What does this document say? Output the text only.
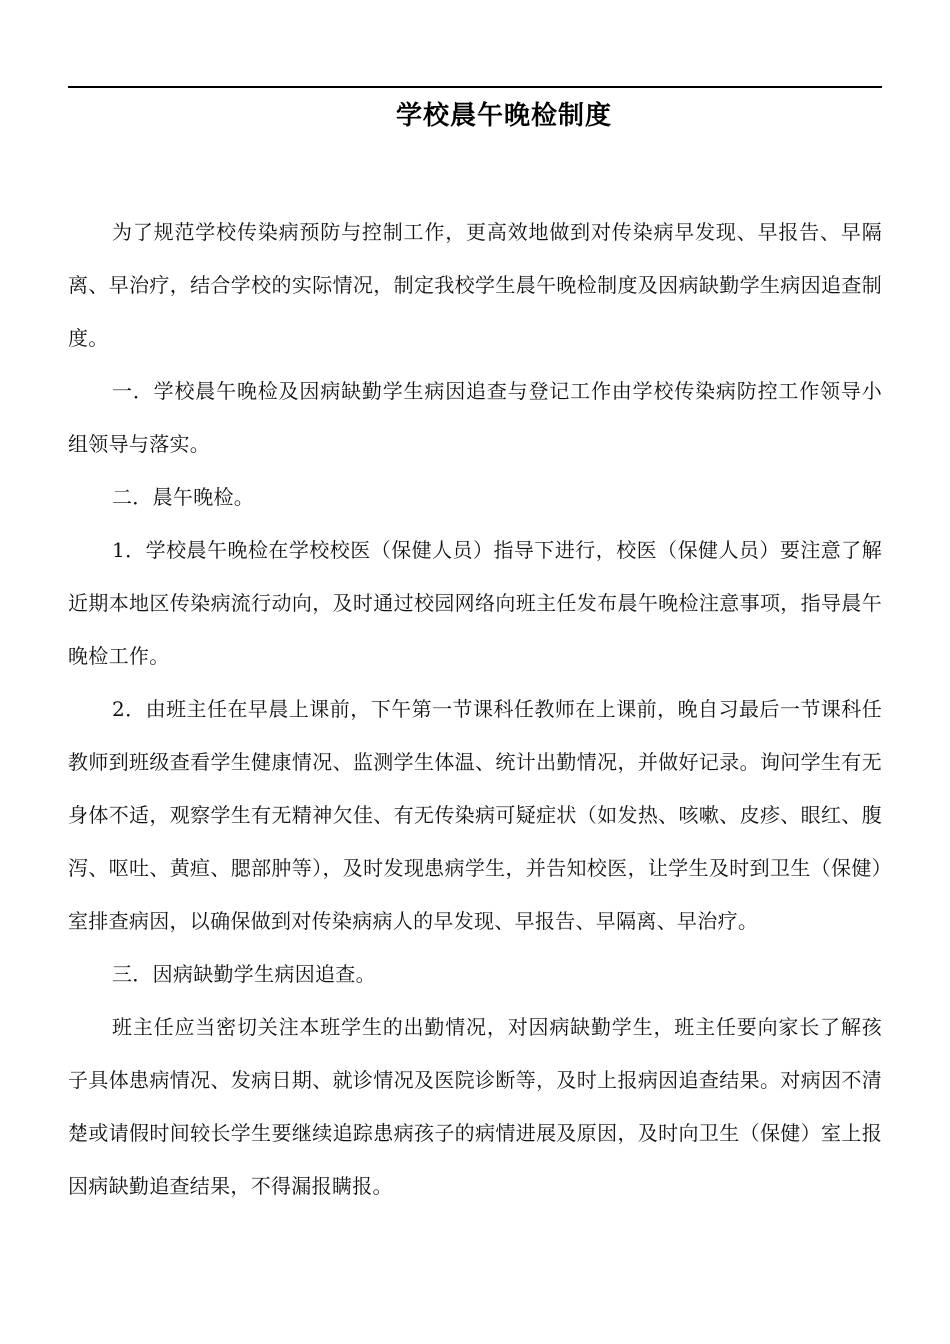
学校晨午晚检制度

为了规范学校传染病预防与控制工作，更高效地做到对传染病早发现、早报告、早隔离、早治疗，结合学校的实际情况，制定我校学生晨午晚检制度及因病缺勤学生病因追查制度。

一．学校晨午晚检及因病缺勤学生病因追查与登记工作由学校传染病防控工作领导小组领导与落实。

二．晨午晚检。

1．学校晨午晚检在学校校医（保健人员）指导下进行，校医（保健人员）要注意了解近期本地区传染病流行动向，及时通过校园网络向班主任发布晨午晚检注意事项，指导晨午晚检工作。

2．由班主任在早晨上课前，下午第一节课科任教师在上课前，晚自习最后一节课科任教师到班级查看学生健康情况、监测学生体温、统计出勤情况，并做好记录。询问学生有无身体不适，观察学生有无精神欠佳、有无传染病可疑症状（如发热、咳嗽、皮疹、眼红、腹泻、呕吐、黄疸、腮部肿等），及时发现患病学生，并告知校医，让学生及时到卫生（保健）室排查病因，以确保做到对传染病病人的早发现、早报告、早隔离、早治疗。

三．因病缺勤学生病因追查。

班主任应当密切关注本班学生的出勤情况，对因病缺勤学生，班主任要向家长了解孩子具体患病情况、发病日期、就诊情况及医院诊断等，及时上报病因追查结果。对病因不清楚或请假时间较长学生要继续追踪患病孩子的病情进展及原因，及时向卫生（保健）室上报因病缺勤追查结果，不得漏报瞒报。
